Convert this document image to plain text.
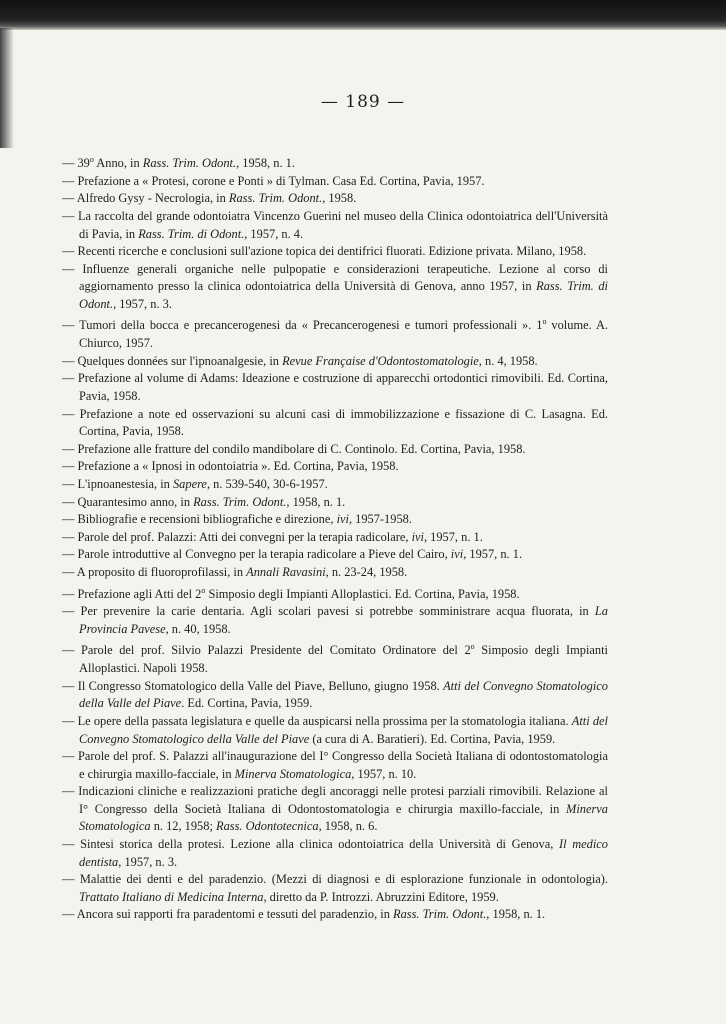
— 189 —
— 39$^o$ Anno, in Rass. Trim. Odont., 1958, n. 1.
— Prefazione a « Protesi, corone e Ponti » di Tylman. Casa Ed. Cortina, Pavia, 1957.
— Alfredo Gysy - Necrologia, in Rass. Trim. Odont., 1958.
— La raccolta del grande odontoiatra Vincenzo Guerini nel museo della Clinica odontoiatrica dell'Università di Pavia, in Rass. Trim. di Odont., 1957, n. 4.
— Recenti ricerche e conclusioni sull'azione topica dei dentifrici fluorati. Edizione privata. Milano, 1958.
— Influenze generali organiche nelle pulpopatie e considerazioni terapeutiche. Lezione al corso di aggiornamento presso la clinica odontoiatrica della Università di Genova, anno 1957, in Rass. Trim. di Odont., 1957, n. 3.
— Tumori della bocca e precancerogenesi da « Precancerogenesi e tumori professionali ». 1$^o$ volume. A. Chiurco, 1957.
— Quelques données sur l'ipnoanalgesie, in Revue Française d'Odontostomatologie, n. 4, 1958.
— Prefazione al volume di Adams: Ideazione e costruzione di apparecchi ortodontici rimovibili. Ed. Cortina, Pavia, 1958.
— Prefazione a note ed osservazioni su alcuni casi di immobilizzazione e fissazione di C. Lasagna. Ed. Cortina, Pavia, 1958.
— Prefazione alle fratture del condilo mandibolare di C. Continolo. Ed. Cortina, Pavia, 1958.
— Prefazione a « Ipnosi in odontoiatria ». Ed. Cortina, Pavia, 1958.
— L'ipnoanestesia, in Sapere, n. 539-540, 30-6-1957.
— Quarantesimo anno, in Rass. Trim. Odont., 1958, n. 1.
— Bibliografie e recensioni bibliografiche e direzione, ivi, 1957-1958.
— Parole del prof. Palazzi: Atti dei convegni per la terapia radicolare, ivi, 1957, n. 1.
— Parole introduttive al Convegno per la terapia radicolare a Pieve del Cairo, ivi, 1957, n. 1.
— A proposito di fluoroprofilassi, in Annali Ravasini, n. 23-24, 1958.
— Prefazione agli Atti del 2$^o$ Simposio degli Impianti Alloplastici. Ed. Cortina, Pavia, 1958.
— Per prevenire la carie dentaria. Agli scolari pavesi si potrebbe somministrare acqua fluorata, in La Provincia Pavese, n. 40, 1958.
— Parole del prof. Silvio Palazzi Presidente del Comitato Ordinatore del 2$^o$ Simposio degli Impianti Alloplastici. Napoli 1958.
— Il Congresso Stomatologico della Valle del Piave, Belluno, giugno 1958. Atti del Convegno Stomatologico della Valle del Piave. Ed. Cortina, Pavia, 1959.
— Le opere della passata legislatura e quelle da auspicarsi nella prossima per la stomatologia italiana. Atti del Convegno Stomatologico della Valle del Piave (a cura di A. Baratieri). Ed. Cortina, Pavia, 1959.
— Parole del prof. S. Palazzi all'inaugurazione del I° Congresso della Società Italiana di odontostomatologia e chirurgia maxillo-facciale, in Minerva Stomatologica, 1957, n. 10.
— Indicazioni cliniche e realizzazioni pratiche degli ancoraggi nelle protesi parziali rimovibili. Relazione al I° Congresso della Società Italiana di Odontostomatologia e chirurgia maxillo-facciale, in Minerva Stomatologica n. 12, 1958; Rass. Odontotecnica, 1958, n. 6.
— Sintesi storica della protesi. Lezione alla clinica odontoiatrica della Università di Genova, Il medico dentista, 1957, n. 3.
— Malattie dei denti e del paradenzio. (Mezzi di diagnosi e di esplorazione funzionale in odontologia). Trattato Italiano di Medicina Interna, diretto da P. Introzzi. Abruzzini Editore, 1959.
— Ancora sui rapporti fra paradentomi e tessuti del paradenzio, in Rass. Trim. Odont., 1958, n. 1.
